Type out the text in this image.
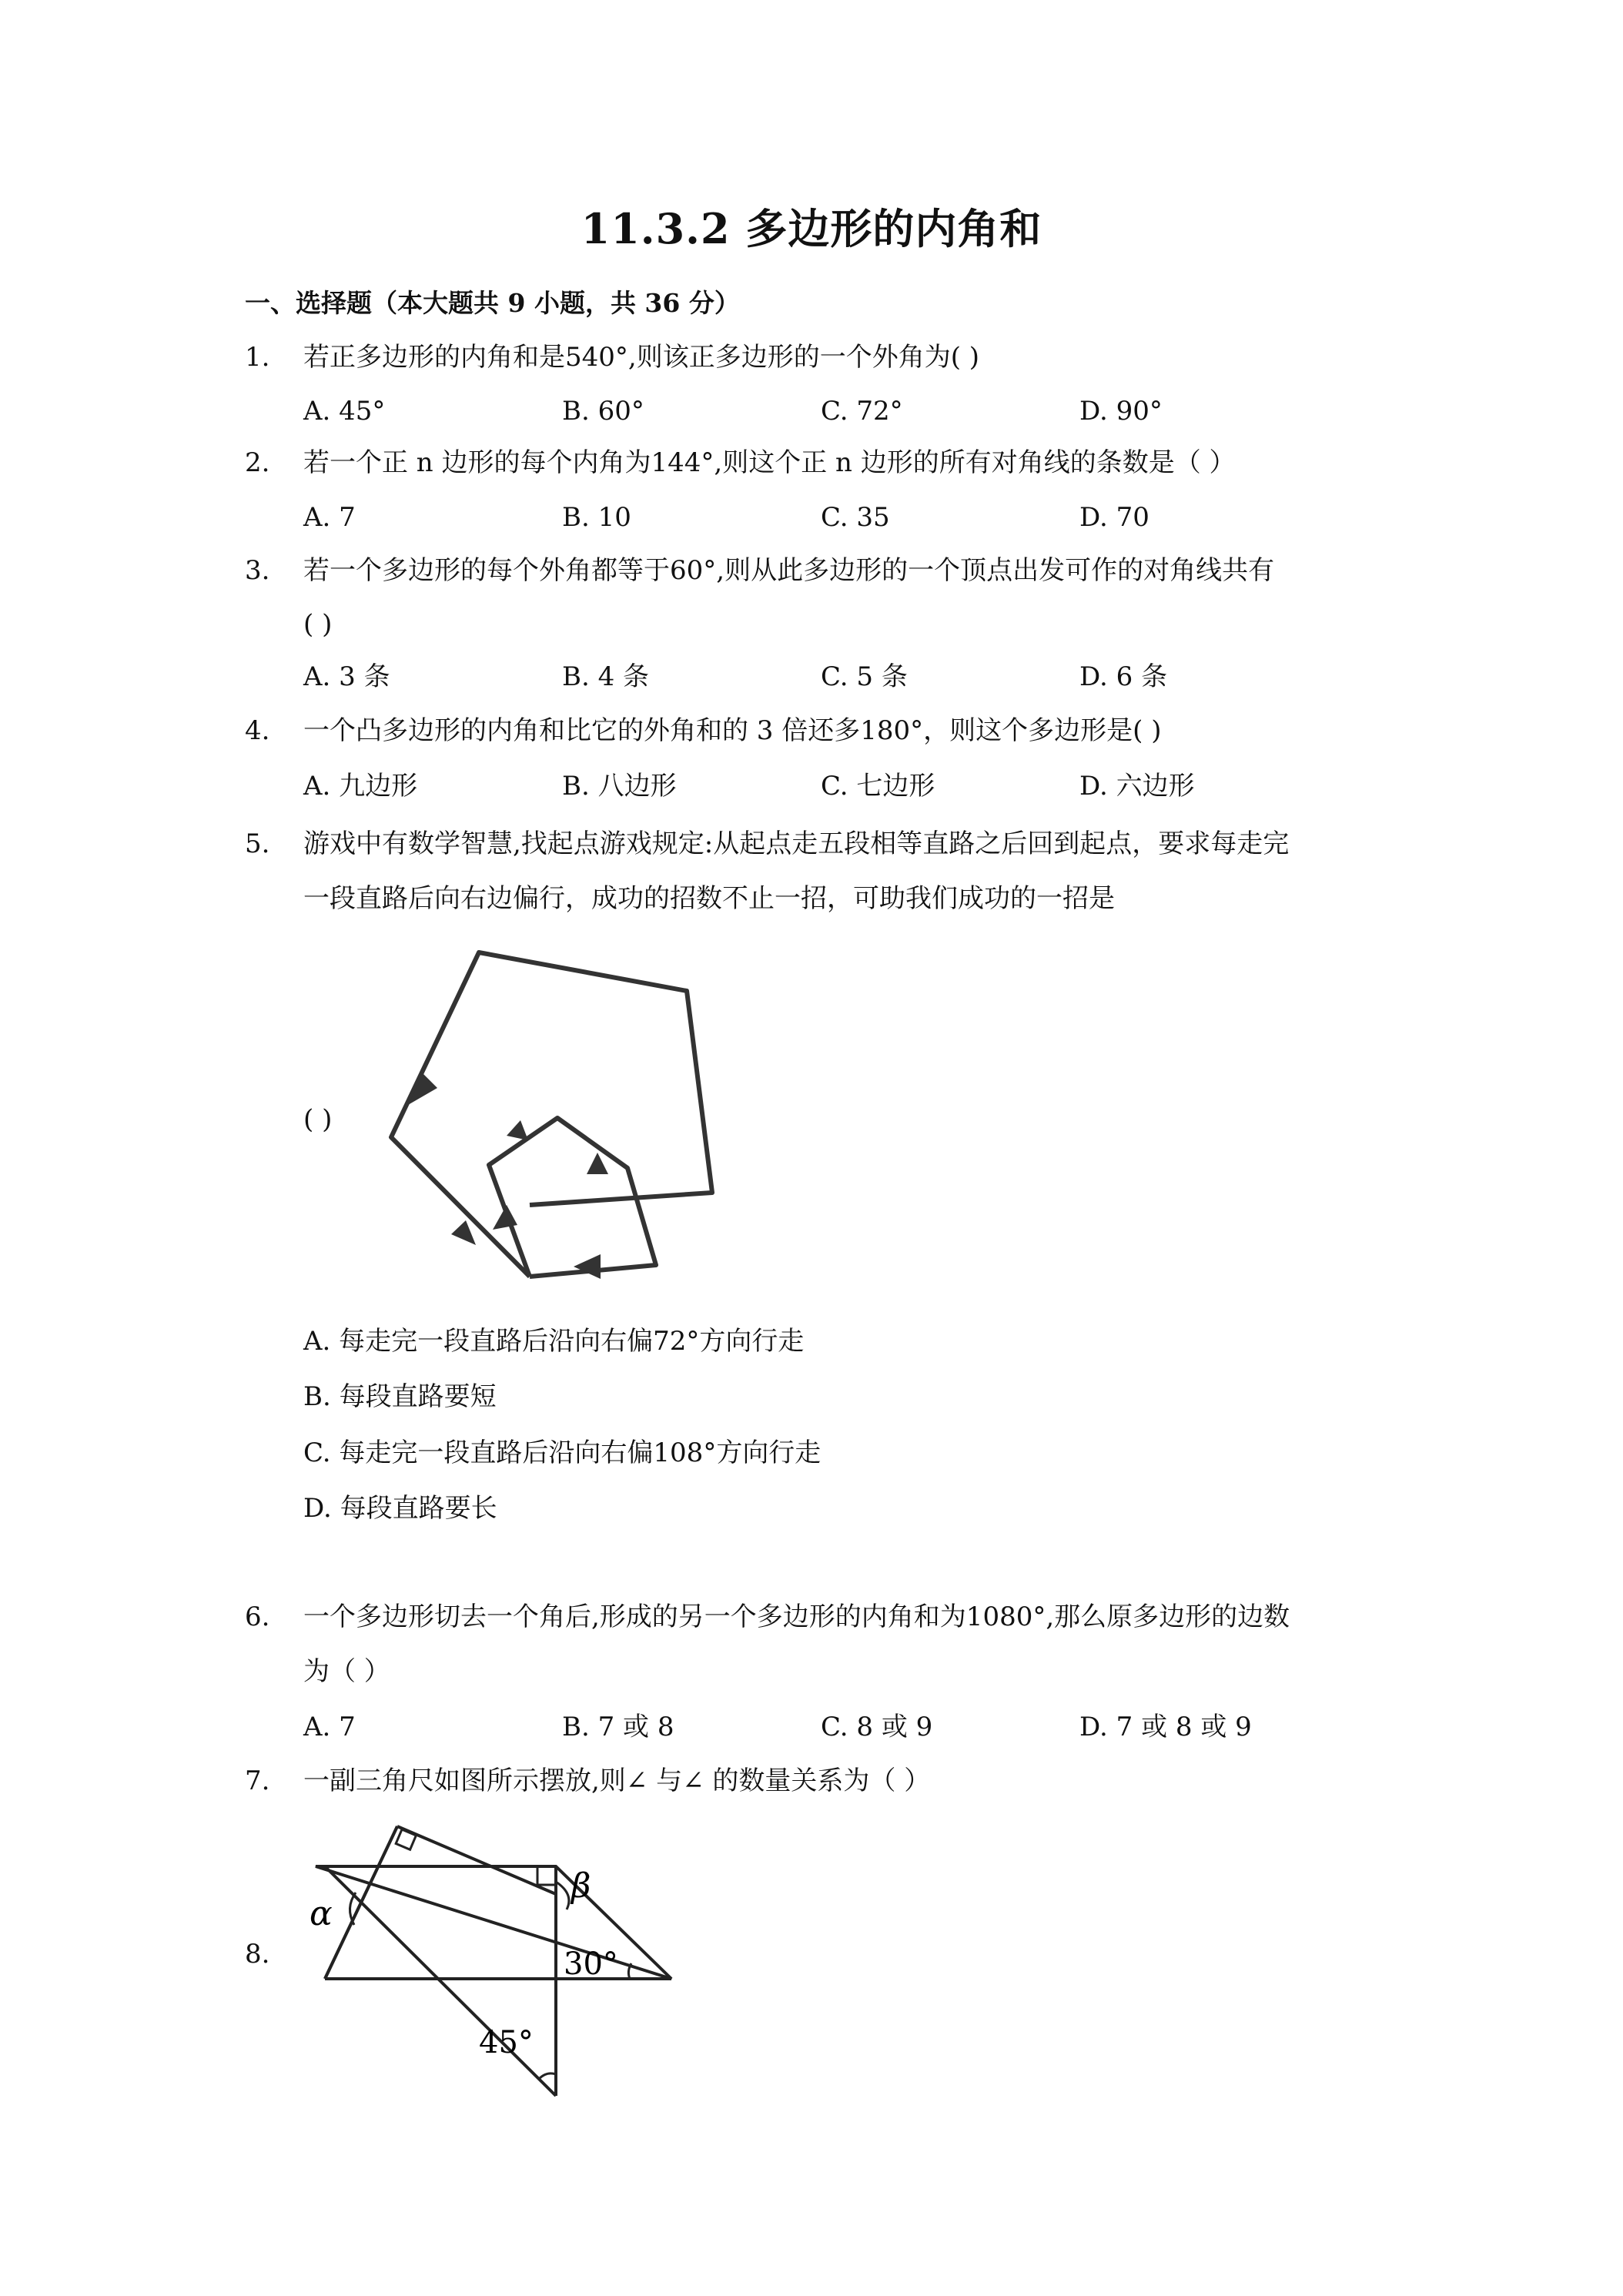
11.3.2 多边形的内角和
一、选择题（本大题共 9 小题，共 36 分）
1. 若正多边形的内角和是540°,则该正多边形的一个外角为( )
A. 45°	B. 60°	C. 72°	D. 90°
2. 若一个正 n 边形的每个内角为144°,则这个正 n 边形的所有对角线的条数是（ ）
A. 7	B. 10	C. 35	D. 70
3. 若一个多边形的每个外角都等于60°,则从此多边形的一个顶点出发可作的对角线共有
( )
A. 3 条	B. 4 条	C. 5 条	D. 6 条
4. 一个凸多边形的内角和比它的外角和的 3 倍还多180°，则这个多边形是( )
A. 九边形	B. 八边形	C. 七边形	D. 六边形
5. 游戏中有数学智慧,找起点游戏规定:从起点走五段相等直路之后回到起点，要求每走完
一段直路后向右边偏行，成功的招数不止一招，可助我们成功的一招是
( )
A. 每走完一段直路后沿向右偏72°方向行走
B. 每段直路要短
C. 每走完一段直路后沿向右偏108°方向行走
D. 每段直路要长
6. 一个多边形切去一个角后,形成的另一个多边形的内角和为1080°,那么原多边形的边数
为（ ）
A. 7	B. 7 或 8	C. 8 或 9	D. 7 或 8 或 9
7. 一副三角尺如图所示摆放,则∠ 与∠ 的数量关系为（ ）
8.
α
β
30°
45°
